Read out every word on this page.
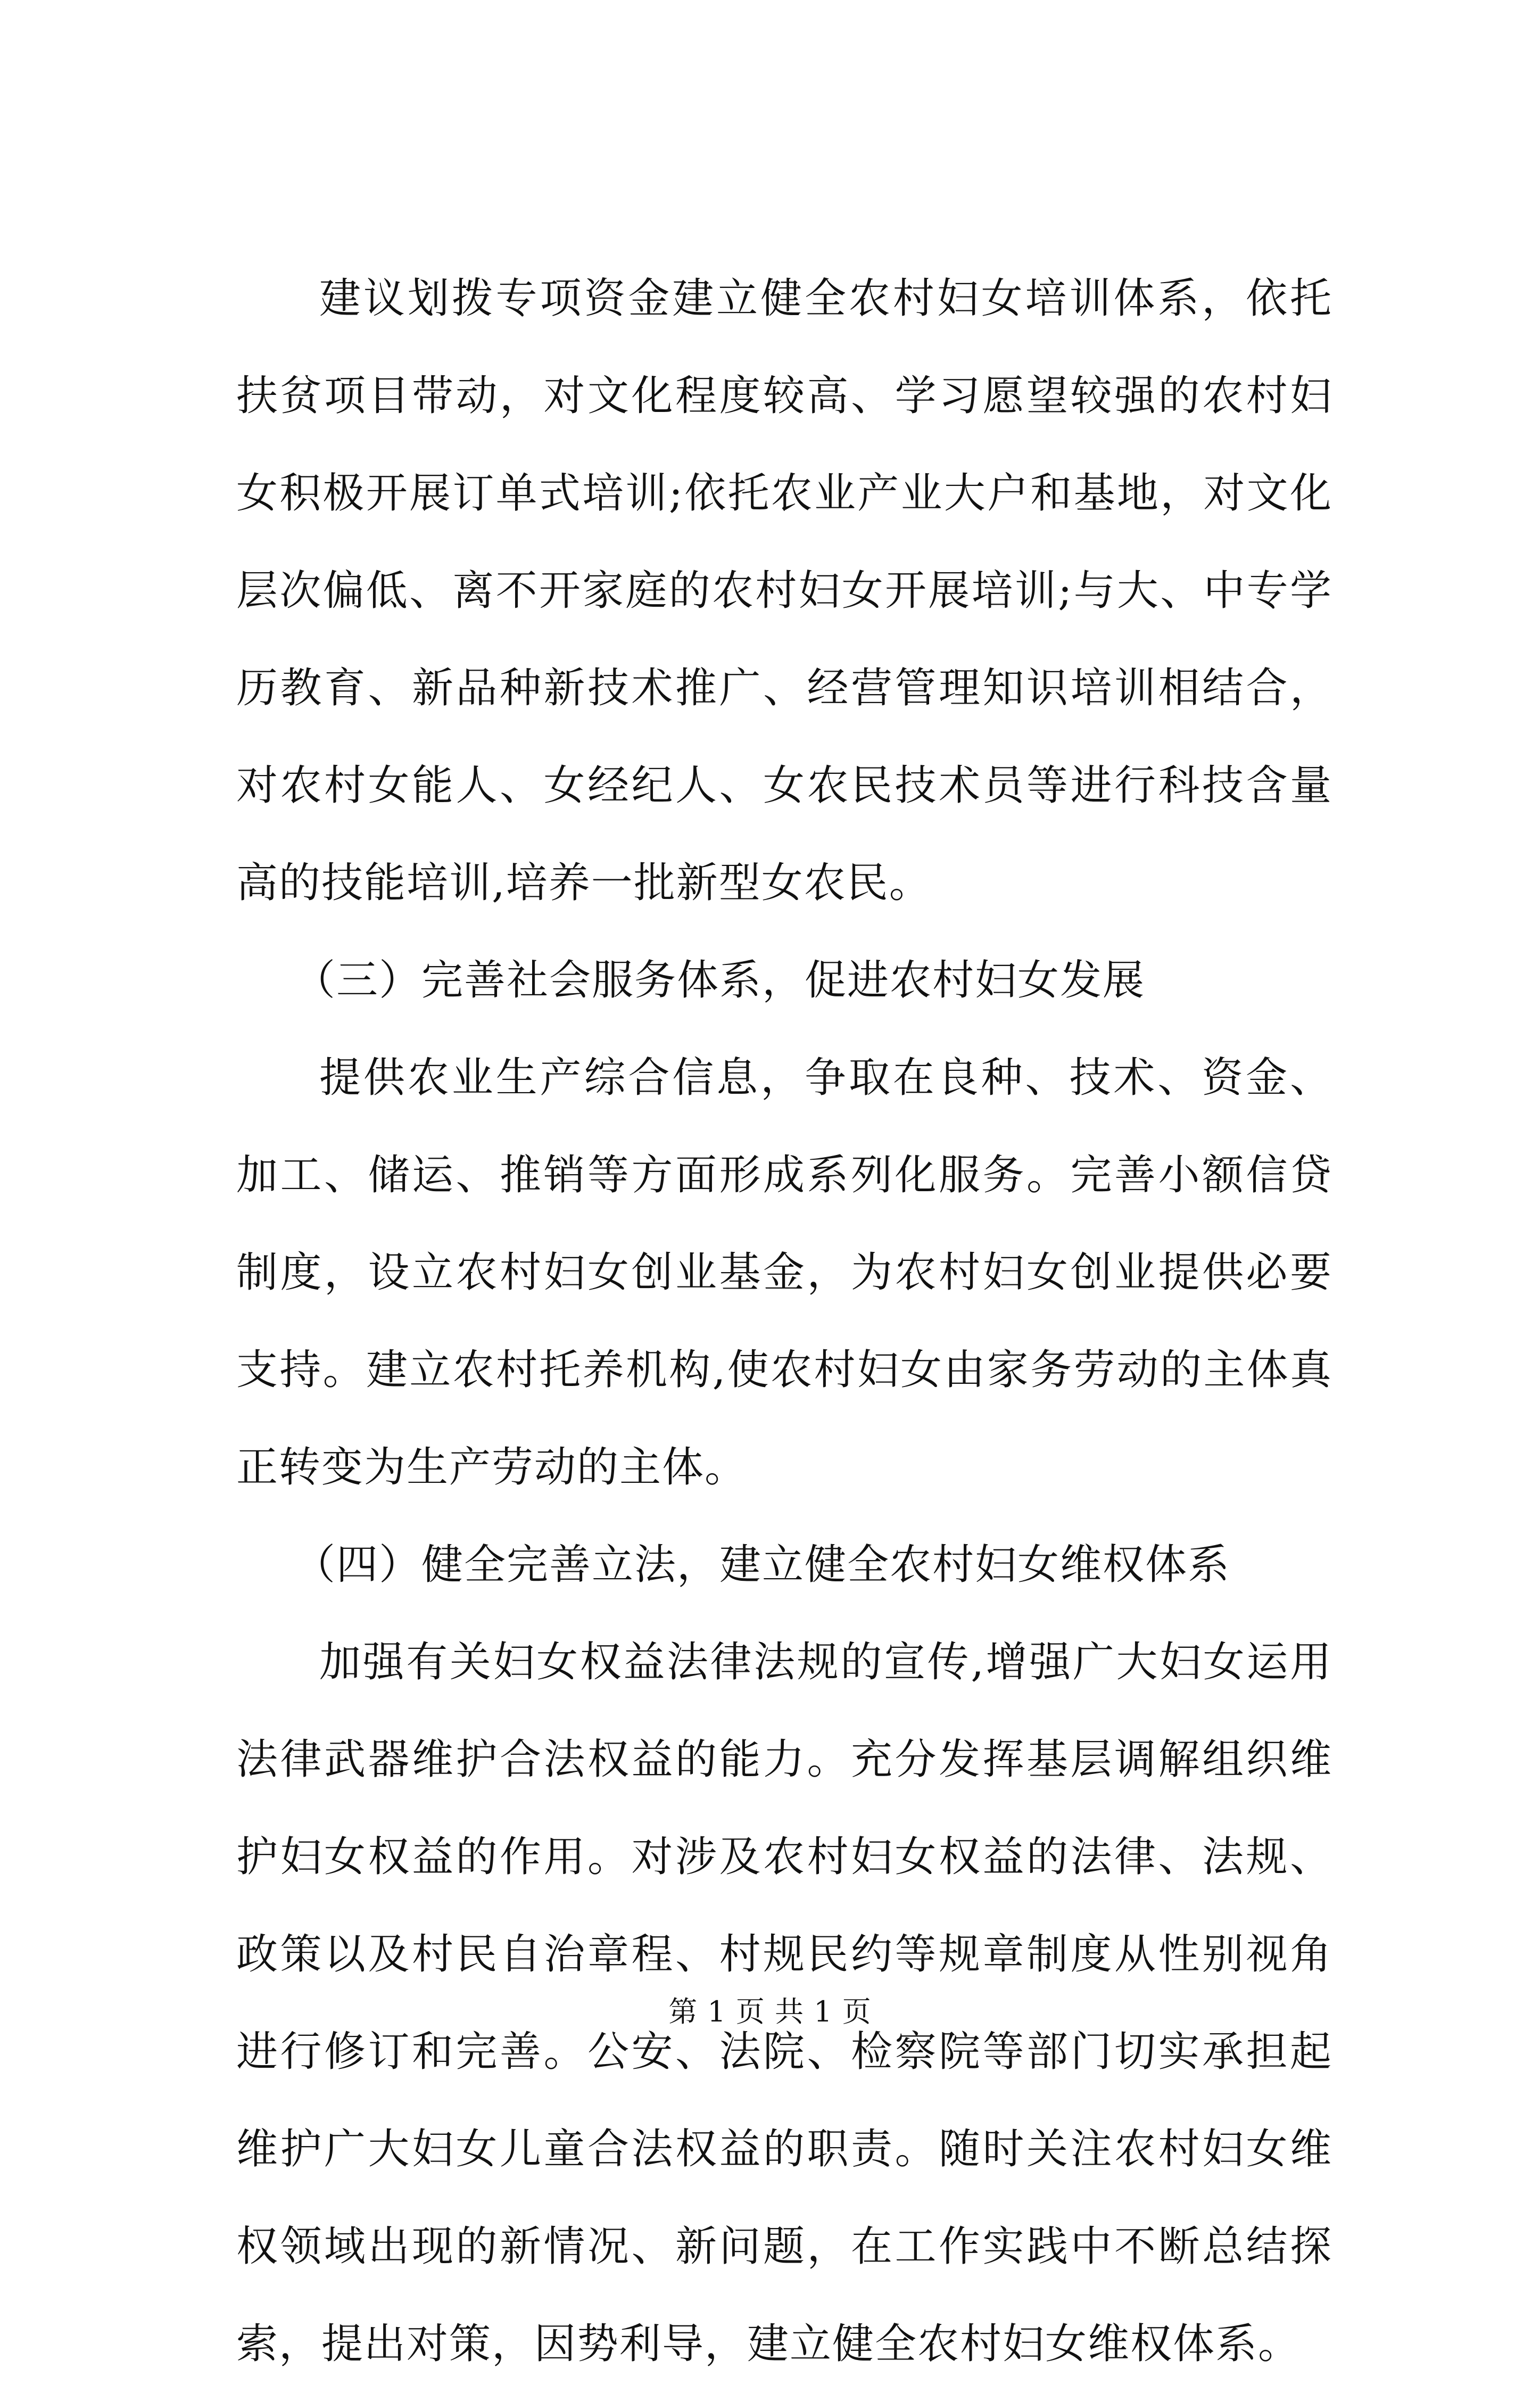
建议划拨专项资金建立健全农村妇女培训体系，依托扶贫项目带动，对文化程度较高、学习愿望较强的农村妇女积极开展订单式培训;依托农业产业大户和基地，对文化层次偏低、离不开家庭的农村妇女开展培训;与大、中专学历教育、新品种新技术推广、经营管理知识培训相结合，对农村女能人、女经纪人、女农民技术员等进行科技含量高的技能培训,培养一批新型女农民。

（三）完善社会服务体系，促进农村妇女发展

提供农业生产综合信息，争取在良种、技术、资金、加工、储运、推销等方面形成系列化服务。完善小额信贷制度，设立农村妇女创业基金，为农村妇女创业提供必要支持。建立农村托养机构,使农村妇女由家务劳动的主体真正转变为生产劳动的主体。

（四）健全完善立法，建立健全农村妇女维权体系

加强有关妇女权益法律法规的宣传,增强广大妇女运用法律武器维护合法权益的能力。充分发挥基层调解组织维护妇女权益的作用。对涉及农村妇女权益的法律、法规、政策以及村民自治章程、村规民约等规章制度从性别视角进行修订和完善。公安、法院、检察院等部门切实承担起维护广大妇女儿童合法权益的职责。随时关注农村妇女维权领域出现的新情况、新问题，在工作实践中不断总结探索，提出对策，因势利导，建立健全农村妇女维权体系。

第 1 页 共 1 页
